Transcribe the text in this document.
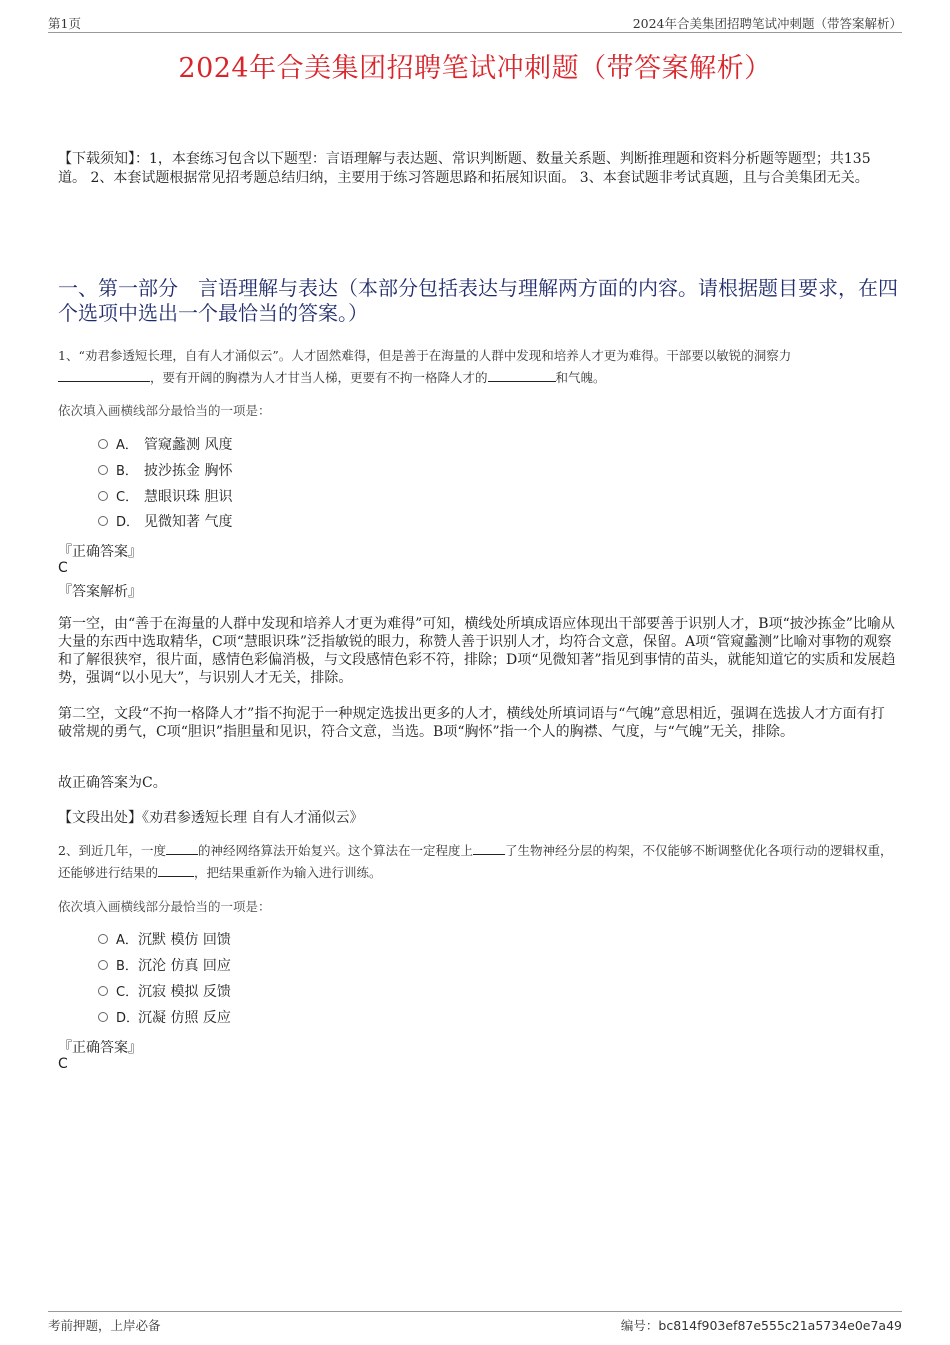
第1页	2024年合美集团招聘笔试冲刺题（带答案解析）
2024年合美集团招聘笔试冲刺题（带答案解析）
【下载须知】：1，本套练习包含以下题型：言语理解与表达题、常识判断题、数量关系题、判断推理题和资料分析题等题型；共135道。 2、本套试题根据常见招考题总结归纳，主要用于练习答题思路和拓展知识面。 3、本套试题非考试真题，且与合美集团无关。
一、第一部分　言语理解与表达（本部分包括表达与理解两方面的内容。请根据题目要求，在四个选项中选出一个最恰当的答案。）
1、“劝君参透短长理，自有人才涌似云”。人才固然难得，但是善于在海量的人群中发现和培养人才更为难得。干部要以敏锐的洞察力
，要有开阔的胸襟为人才甘当人梯，更要有不拘一格降人才的	和气魄。
依次填入画横线部分最恰当的一项是：
A． 管窥蠡测 风度
B． 披沙拣金 胸怀
C． 慧眼识珠 胆识
D． 见微知著 气度
『正确答案』
C
『答案解析』
第一空，由“善于在海量的人群中发现和培养人才更为难得”可知，横线处所填成语应体现出干部要善于识别人才，B项“披沙拣金”比喻从大量的东西中选取精华，C项“慧眼识珠”泛指敏锐的眼力，称赞人善于识别人才，均符合文意，保留。A项“管窥蠡测”比喻对事物的观察和了解很狭窄，很片面，感情色彩偏消极，与文段感情色彩不符，排除；D项“见微知著”指见到事情的苗头，就能知道它的实质和发展趋势，强调“以小见大”，与识别人才无关，排除。
第二空，文段“不拘一格降人才”指不拘泥于一种规定选拔出更多的人才，横线处所填词语与“气魄”意思相近，强调在选拔人才方面有打破常规的勇气，C项“胆识”指胆量和见识，符合文意，当选。B项“胸怀”指一个人的胸襟、气度，与“气魄”无关，排除。
故正确答案为C。
【文段出处】《劝君参透短长理 自有人才涌似云》
2、到近几年，一度	的神经网络算法开始复兴。这个算法在一定程度上	了生物神经分层的构架，不仅能够不断调整优化各项行动的逻辑权重，还能够进行结果的	，把结果重新作为输入进行训练。
依次填入画横线部分最恰当的一项是：
A．沉默 模仿 回馈
B．沉沦 仿真 回应
C．沉寂 模拟 反馈
D．沉凝 仿照 反应
『正确答案』
C
考前押题，上岸必备	编号：bc814f903ef87e555c21a5734e0e7a49
